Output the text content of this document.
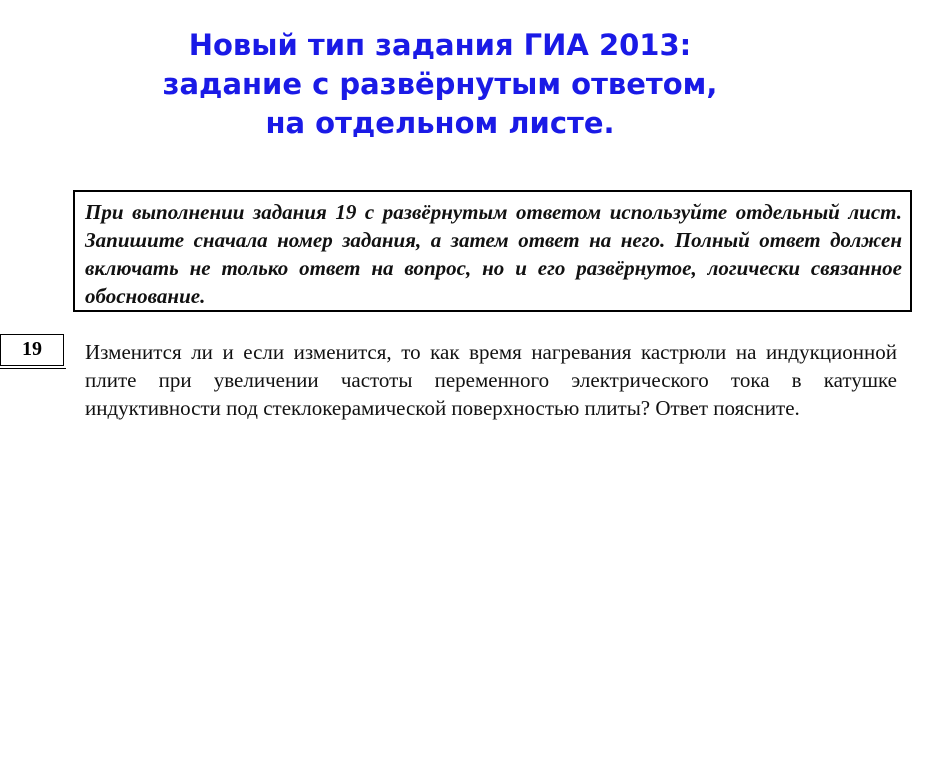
Новый тип задания ГИА 2013:
задание с развёрнутым ответом,
на отдельном листе.

При выполнении задания 19 с развёрнутым ответом используйте отдельный лист. Запишите сначала номер задания, а затем ответ на него. Полный ответ должен включать не только ответ на вопрос, но и его развёрнутое, логически связанное обоснование.

19	Изменится ли и если изменится, то как время нагревания кастрюли на индукционной плите при увеличении частоты переменного электрического тока в катушке индуктивности под стеклокерамической поверхностью плиты? Ответ поясните.
